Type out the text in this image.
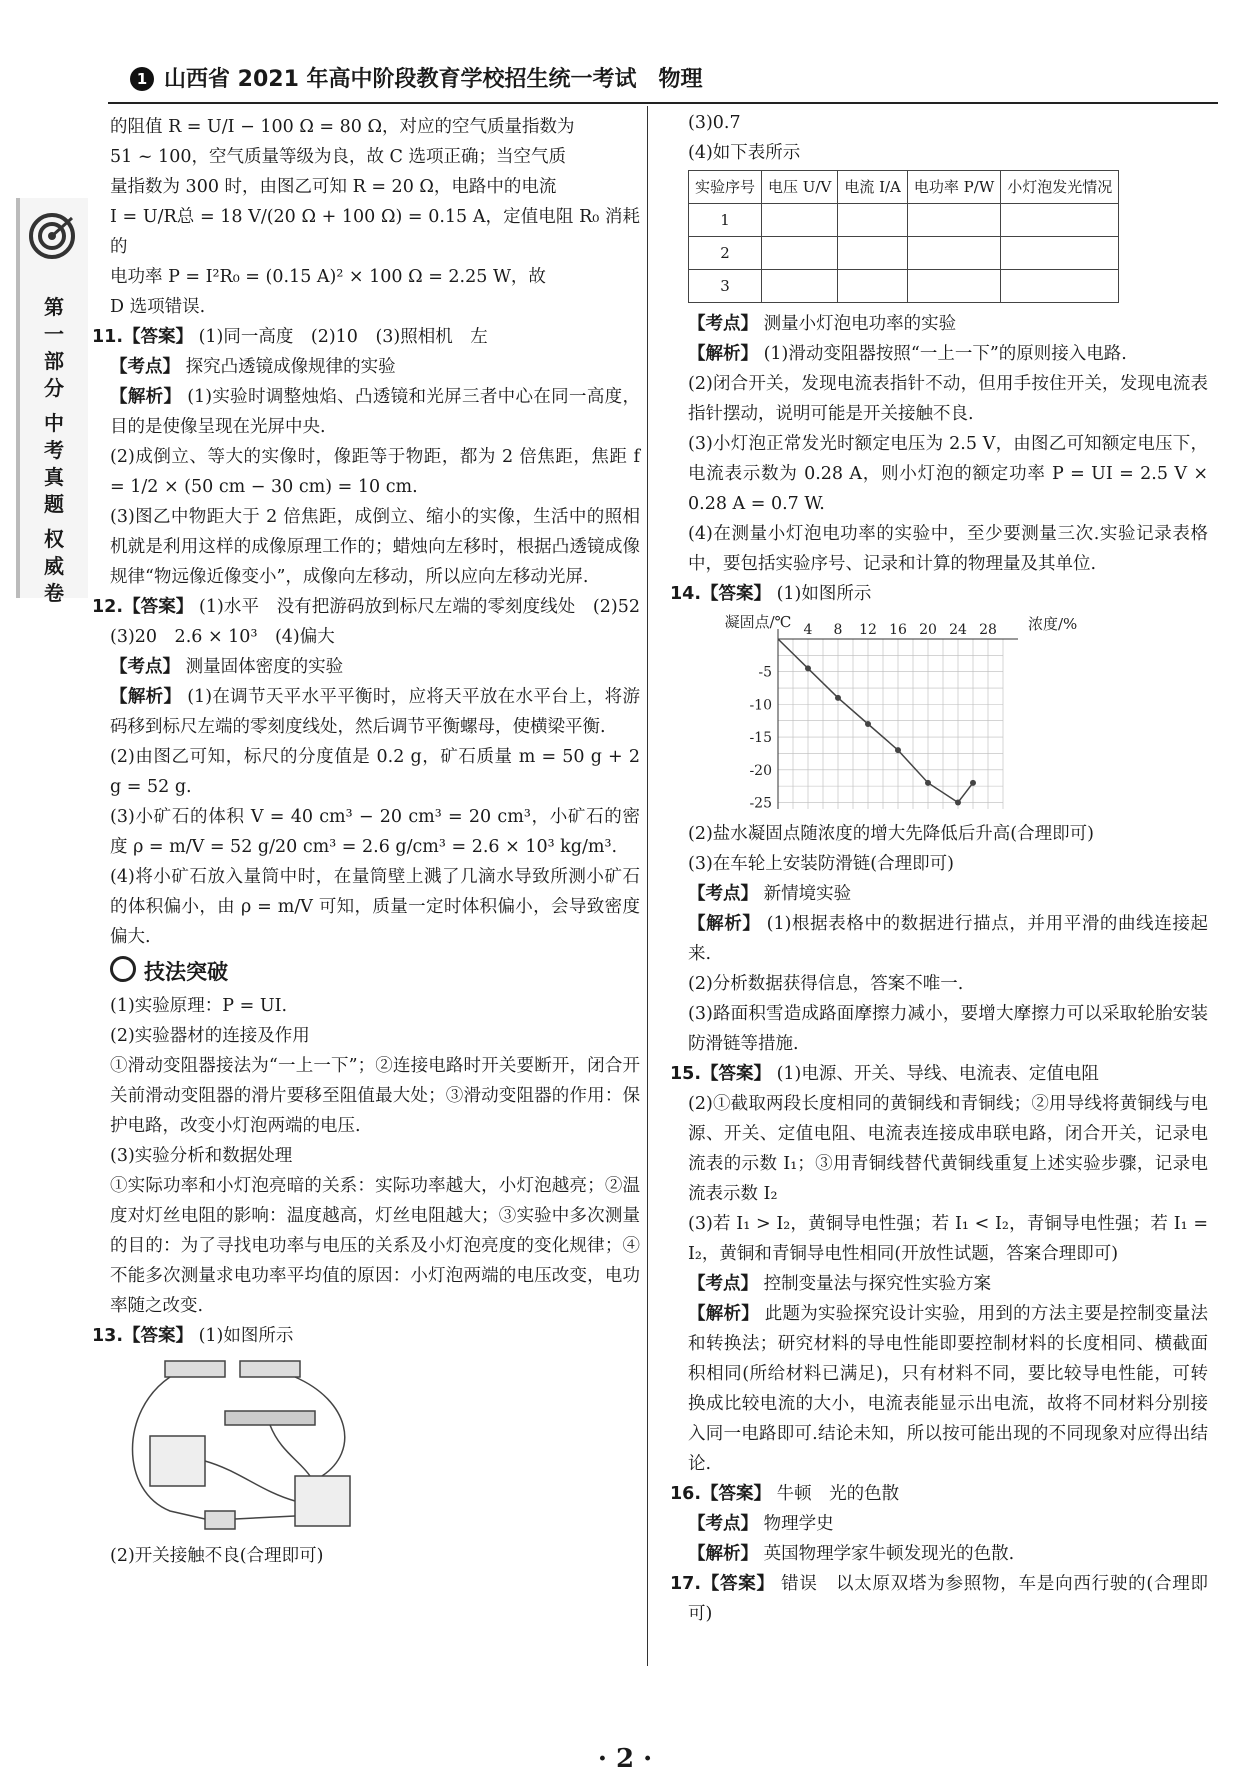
1 山西省 2021 年高中阶段教育学校招生统一考试　物理
第
一
部
分
中
考
真
题
权
威
卷

的阻值 R = U/I − 100 Ω = 80 Ω，对应的空气质量指数为

51 ~ 100，空气质量等级为良，故 C 选项正确；当空气质

量指数为 300 时，由图乙可知 R = 20 Ω，电路中的电流

I = U/R总 = 18 V/(20 Ω + 100 Ω) = 0.15 A，定值电阻 R₀ 消耗的

电功率 P = I²R₀ = (0.15 A)² × 100 Ω = 2.25 W，故

D 选项错误.

11.【答案】 (1)同一高度　(2)10　(3)照相机　左

【考点】 探究凸透镜成像规律的实验

【解析】 (1)实验时调整烛焰、凸透镜和光屏三者中心在同一高度，目的是使像呈现在光屏中央.

(2)成倒立、等大的实像时，像距等于物距，都为 2 倍焦距，焦距 f = 1/2 × (50 cm − 30 cm) = 10 cm.

(3)图乙中物距大于 2 倍焦距，成倒立、缩小的实像，生活中的照相机就是利用这样的成像原理工作的；蜡烛向左移时，根据凸透镜成像规律“物远像近像变小”，成像向左移动，所以应向左移动光屏.

12.【答案】 (1)水平　没有把游码放到标尺左端的零刻度线处　(2)52　(3)20　2.6 × 10³　(4)偏大

【考点】 测量固体密度的实验

【解析】 (1)在调节天平水平平衡时，应将天平放在水平台上，将游码移到标尺左端的零刻度线处，然后调节平衡螺母，使横梁平衡.

(2)由图乙可知，标尺的分度值是 0.2 g，矿石质量 m = 50 g + 2 g = 52 g.

(3)小矿石的体积 V = 40 cm³ − 20 cm³ = 20 cm³，小矿石的密度 ρ = m/V = 52 g/20 cm³ = 2.6 g/cm³ = 2.6 × 10³ kg/m³.

(4)将小矿石放入量筒中时，在量筒壁上溅了几滴水导致所测小矿石的体积偏小，由 ρ = m/V 可知，质量一定时体积偏小，会导致密度偏大.

技法突破

(1)实验原理：P = UI.

(2)实验器材的连接及作用

①滑动变阻器接法为“一上一下”；②连接电路时开关要断开，闭合开关前滑动变阻器的滑片要移至阻值最大处；③滑动变阻器的作用：保护电路，改变小灯泡两端的电压.

(3)实验分析和数据处理

①实际功率和小灯泡亮暗的关系：实际功率越大，小灯泡越亮；②温度对灯丝电阻的影响：温度越高，灯丝电阻越大；③实验中多次测量的目的：为了寻找电功率与电压的关系及小灯泡亮度的变化规律；④不能多次测量求电功率平均值的原因：小灯泡两端的电压改变，电功率随之改变.

13.【答案】 (1)如图所示

(2)开关接触不良(合理即可)

(3)0.7

(4)如下表所示

实验序号	电压 U/V	电流 I/A	电功率 P/W	小灯泡发光情况
1				
2				
3				

【考点】 测量小灯泡电功率的实验

【解析】 (1)滑动变阻器按照“一上一下”的原则接入电路.

(2)闭合开关，发现电流表指针不动，但用手按住开关，发现电流表指针摆动，说明可能是开关接触不良.

(3)小灯泡正常发光时额定电压为 2.5 V，由图乙可知额定电压下，电流表示数为 0.28 A，则小灯泡的额定功率 P = UI = 2.5 V × 0.28 A = 0.7 W.

(4)在测量小灯泡电功率的实验中，至少要测量三次.实验记录表格中，要包括实验序号、记录和计算的物理量及其单位.

14.【答案】 (1)如图所示

凝固点/℃	浓度/%
4 8 12 16 20 24 28
-5
-10
-15
-20
-25

(2)盐水凝固点随浓度的增大先降低后升高(合理即可)

(3)在车轮上安装防滑链(合理即可)

【考点】 新情境实验

【解析】 (1)根据表格中的数据进行描点，并用平滑的曲线连接起来.

(2)分析数据获得信息，答案不唯一.

(3)路面积雪造成路面摩擦力减小，要增大摩擦力可以采取轮胎安装防滑链等措施.

15.【答案】 (1)电源、开关、导线、电流表、定值电阻

(2)①截取两段长度相同的黄铜线和青铜线；②用导线将黄铜线与电源、开关、定值电阻、电流表连接成串联电路，闭合开关，记录电流表的示数 I₁；③用青铜线替代黄铜线重复上述实验步骤，记录电流表示数 I₂

(3)若 I₁ > I₂，黄铜导电性强；若 I₁ < I₂，青铜导电性强；若 I₁ = I₂，黄铜和青铜导电性相同(开放性试题，答案合理即可)

【考点】 控制变量法与探究性实验方案

【解析】 此题为实验探究设计实验，用到的方法主要是控制变量法和转换法；研究材料的导电性能即要控制材料的长度相同、横截面积相同(所给材料已满足)，只有材料不同，要比较导电性能，可转换成比较电流的大小，电流表能显示出电流，故将不同材料分别接入同一电路即可.结论未知，所以按可能出现的不同现象对应得出结论.

16.【答案】 牛顿　光的色散

【考点】 物理学史

【解析】 英国物理学家牛顿发现光的色散.

17.【答案】 错误　以太原双塔为参照物，车是向西行驶的(合理即可)

· 2 ·
